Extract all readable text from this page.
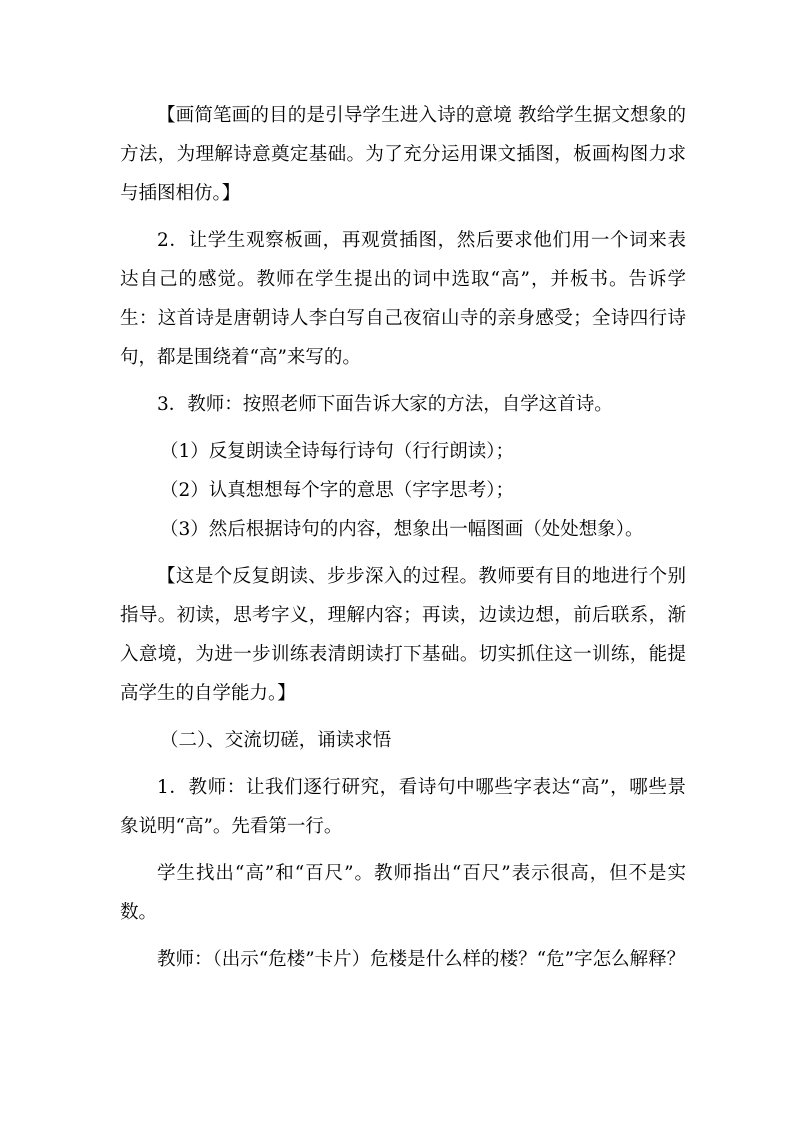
【画简笔画的目的是引导学生进入诗的意境 教给学生据文想象的方法，为理解诗意奠定基础。为了充分运用课文插图，板画构图力求与插图相仿。】

2．让学生观察板画，再观赏插图，然后要求他们用一个词来表达自己的感觉。教师在学生提出的词中选取“高”，并板书。告诉学生：这首诗是唐朝诗人李白写自己夜宿山寺的亲身感受；全诗四行诗句，都是围绕着“高”来写的。

3．教师：按照老师下面告诉大家的方法，自学这首诗。

（1）反复朗读全诗每行诗句（行行朗读）；

（2）认真想想每个字的意思（字字思考）；

（3）然后根据诗句的内容，想象出一幅图画（处处想象）。

【这是个反复朗读、步步深入的过程。教师要有目的地进行个别指导。初读，思考字义，理解内容；再读，边读边想，前后联系，渐入意境，为进一步训练表清朗读打下基础。切实抓住这一训练，能提高学生的自学能力。】

（二）、交流切磋，诵读求悟

1．教师：让我们逐行研究，看诗句中哪些字表达“高”，哪些景象说明“高”。先看第一行。

学生找出“高”和“百尺”。教师指出“百尺”表示很高，但不是实数。

教师：（出示“危楼”卡片）危楼是什么样的楼？“危”字怎么解释？
